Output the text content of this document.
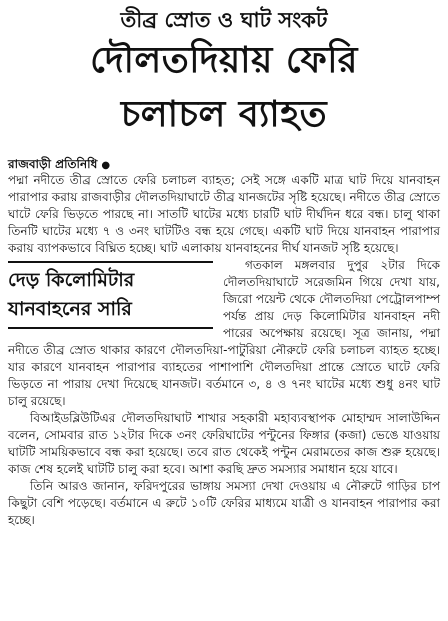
তীব্র স্রোত ও ঘাট সংকট
দৌলতদিয়ায় ফেরি
চলাচল ব্যাহত
রাজবাড়ী প্রতিনিধি ●

পদ্মা নদীতে তীব্র স্রোতে ফেরি চলাচল ব্যাহত; সেই সঙ্গে একটি মাত্র ঘাট দিয়ে যানবাহন পারাপার করায় রাজবাড়ীর দৌলতদিয়াঘাটে তীব্র যানজটের সৃষ্টি হয়েছে। নদীতে তীব্র স্রোতে ঘাটে ফেরি ভিড়তে পারছে না। সাতটি ঘাটের মধ্যে চারটি ঘাট দীর্ঘদিন ধরে বন্ধ। চালু থাকা তিনটি ঘাটের মধ্যে ৭ ও ৩নং ঘাটটিও বন্ধ হয়ে গেছে। একটি ঘাট দিয়ে যানবাহন পারাপার করায় ব্যাপকভাবে বিঘ্নিত হচ্ছে। ঘাট এলাকায় যানবাহনের দীর্ঘ যানজট সৃষ্টি হয়েছে।

দেড় কিলোমিটার
যানবাহনের সারি

গতকাল মঙ্গলবার দুপুর ২টার দিকে দৌলতদিয়াঘাটে সরেজমিন গিয়ে দেখা যায়, জিরো পয়েন্ট থেকে দৌলতদিয়া পেট্রোলপাম্প পর্যন্ত প্রায় দেড় কিলোমিটার যানবাহন নদী পারের অপেক্ষায় রয়েছে। সূত্র জানায়, পদ্মা নদীতে তীব্র স্রোত থাকার কারণে দৌলতদিয়া-পাটুরিয়া নৌরুটে ফেরি চলাচল ব্যাহত হচ্ছে। যার কারণে যানবাহন পারাপার ব্যাহতের পাশাপাশি দৌলতদিয়া প্রান্তে স্রোতে ঘাটে ফেরি ভিড়তে না পারায় দেখা দিয়েছে যানজট। বর্তমানে ৩, ৪ ও ৭নং ঘাটের মধ্যে শুধু ৪নং ঘাট চালু রয়েছে।

বিআইডব্লিউটিএর দৌলতদিয়াঘাট শাখার সহকারী মহাব্যবস্থাপক মোহাম্মদ সালাউদ্দিন বলেন, সোমবার রাত ১২টার দিকে ৩নং ফেরিঘাটের পন্টুনের ফিঙ্গার (কজা) ভেঙে যাওয়ায় ঘাটটি সাময়িকভাবে বন্ধ করা হয়েছে। তবে রাত থেকেই পন্টুন মেরামতের কাজ শুরু হয়েছে। কাজ শেষ হলেই ঘাটটি চালু করা হবে। আশা করছি দ্রুত সমস্যার সমাধান হয়ে যাবে।

তিনি আরও জানান, ফরিদপুরের ভাঙ্গায় সমস্যা দেখা দেওয়ায় এ নৌরুটে গাড়ির চাপ কিছুটা বেশি পড়েছে। বর্তমানে এ রুটে ১০টি ফেরির মাধ্যমে যাত্রী ও যানবাহন পারাপার করা হচ্ছে।
